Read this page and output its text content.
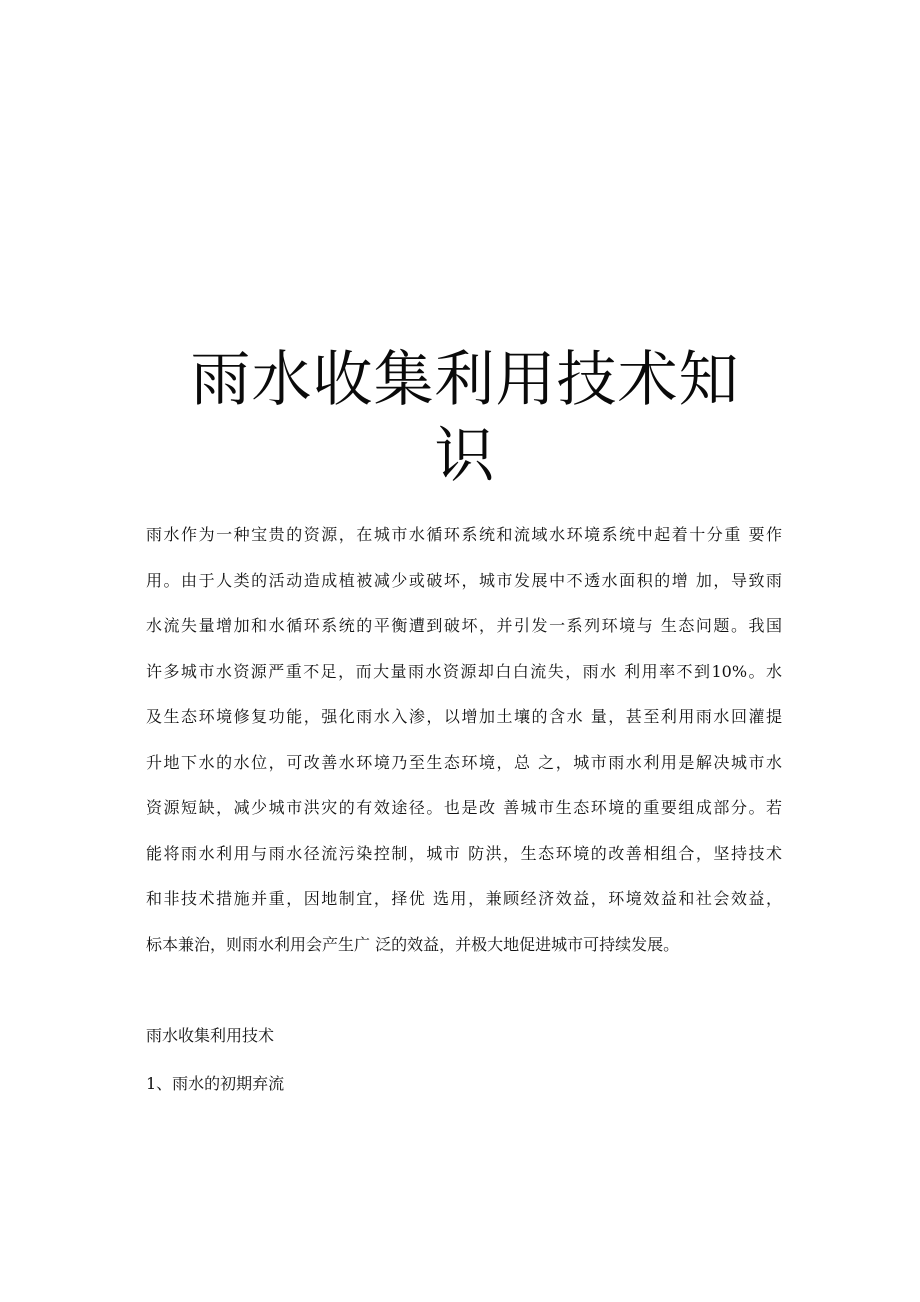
雨水收集利用技术知
识

雨水作为一种宝贵的资源，在城市水循环系统和流域水环境系统中起着十分重 要作

用。由于人类的活动造成植被减少或破坏，城市发展中不透水面积的增 加，导致雨

水流失量增加和水循环系统的平衡遭到破坏，并引发一系列环境与 生态问题。我国

许多城市水资源严重不足，而大量雨水资源却白白流失，雨水 利用率不到10%。水

及生态环境修复功能，强化雨水入渗，以增加土壤的含水 量，甚至利用雨水回灌提

升地下水的水位，可改善水环境乃至生态环境，总 之，城市雨水利用是解决城市水

资源短缺，减少城市洪灾的有效途径。也是改 善城市生态环境的重要组成部分。若

能将雨水利用与雨水径流污染控制，城市 防洪，生态环境的改善相组合，坚持技术

和非技术措施并重，因地制宜，择优 选用，兼顾经济效益，环境效益和社会效益，

标本兼治，则雨水利用会产生广 泛的效益，并极大地促进城市可持续发展。

雨水收集利用技术

1、雨水的初期弃流
